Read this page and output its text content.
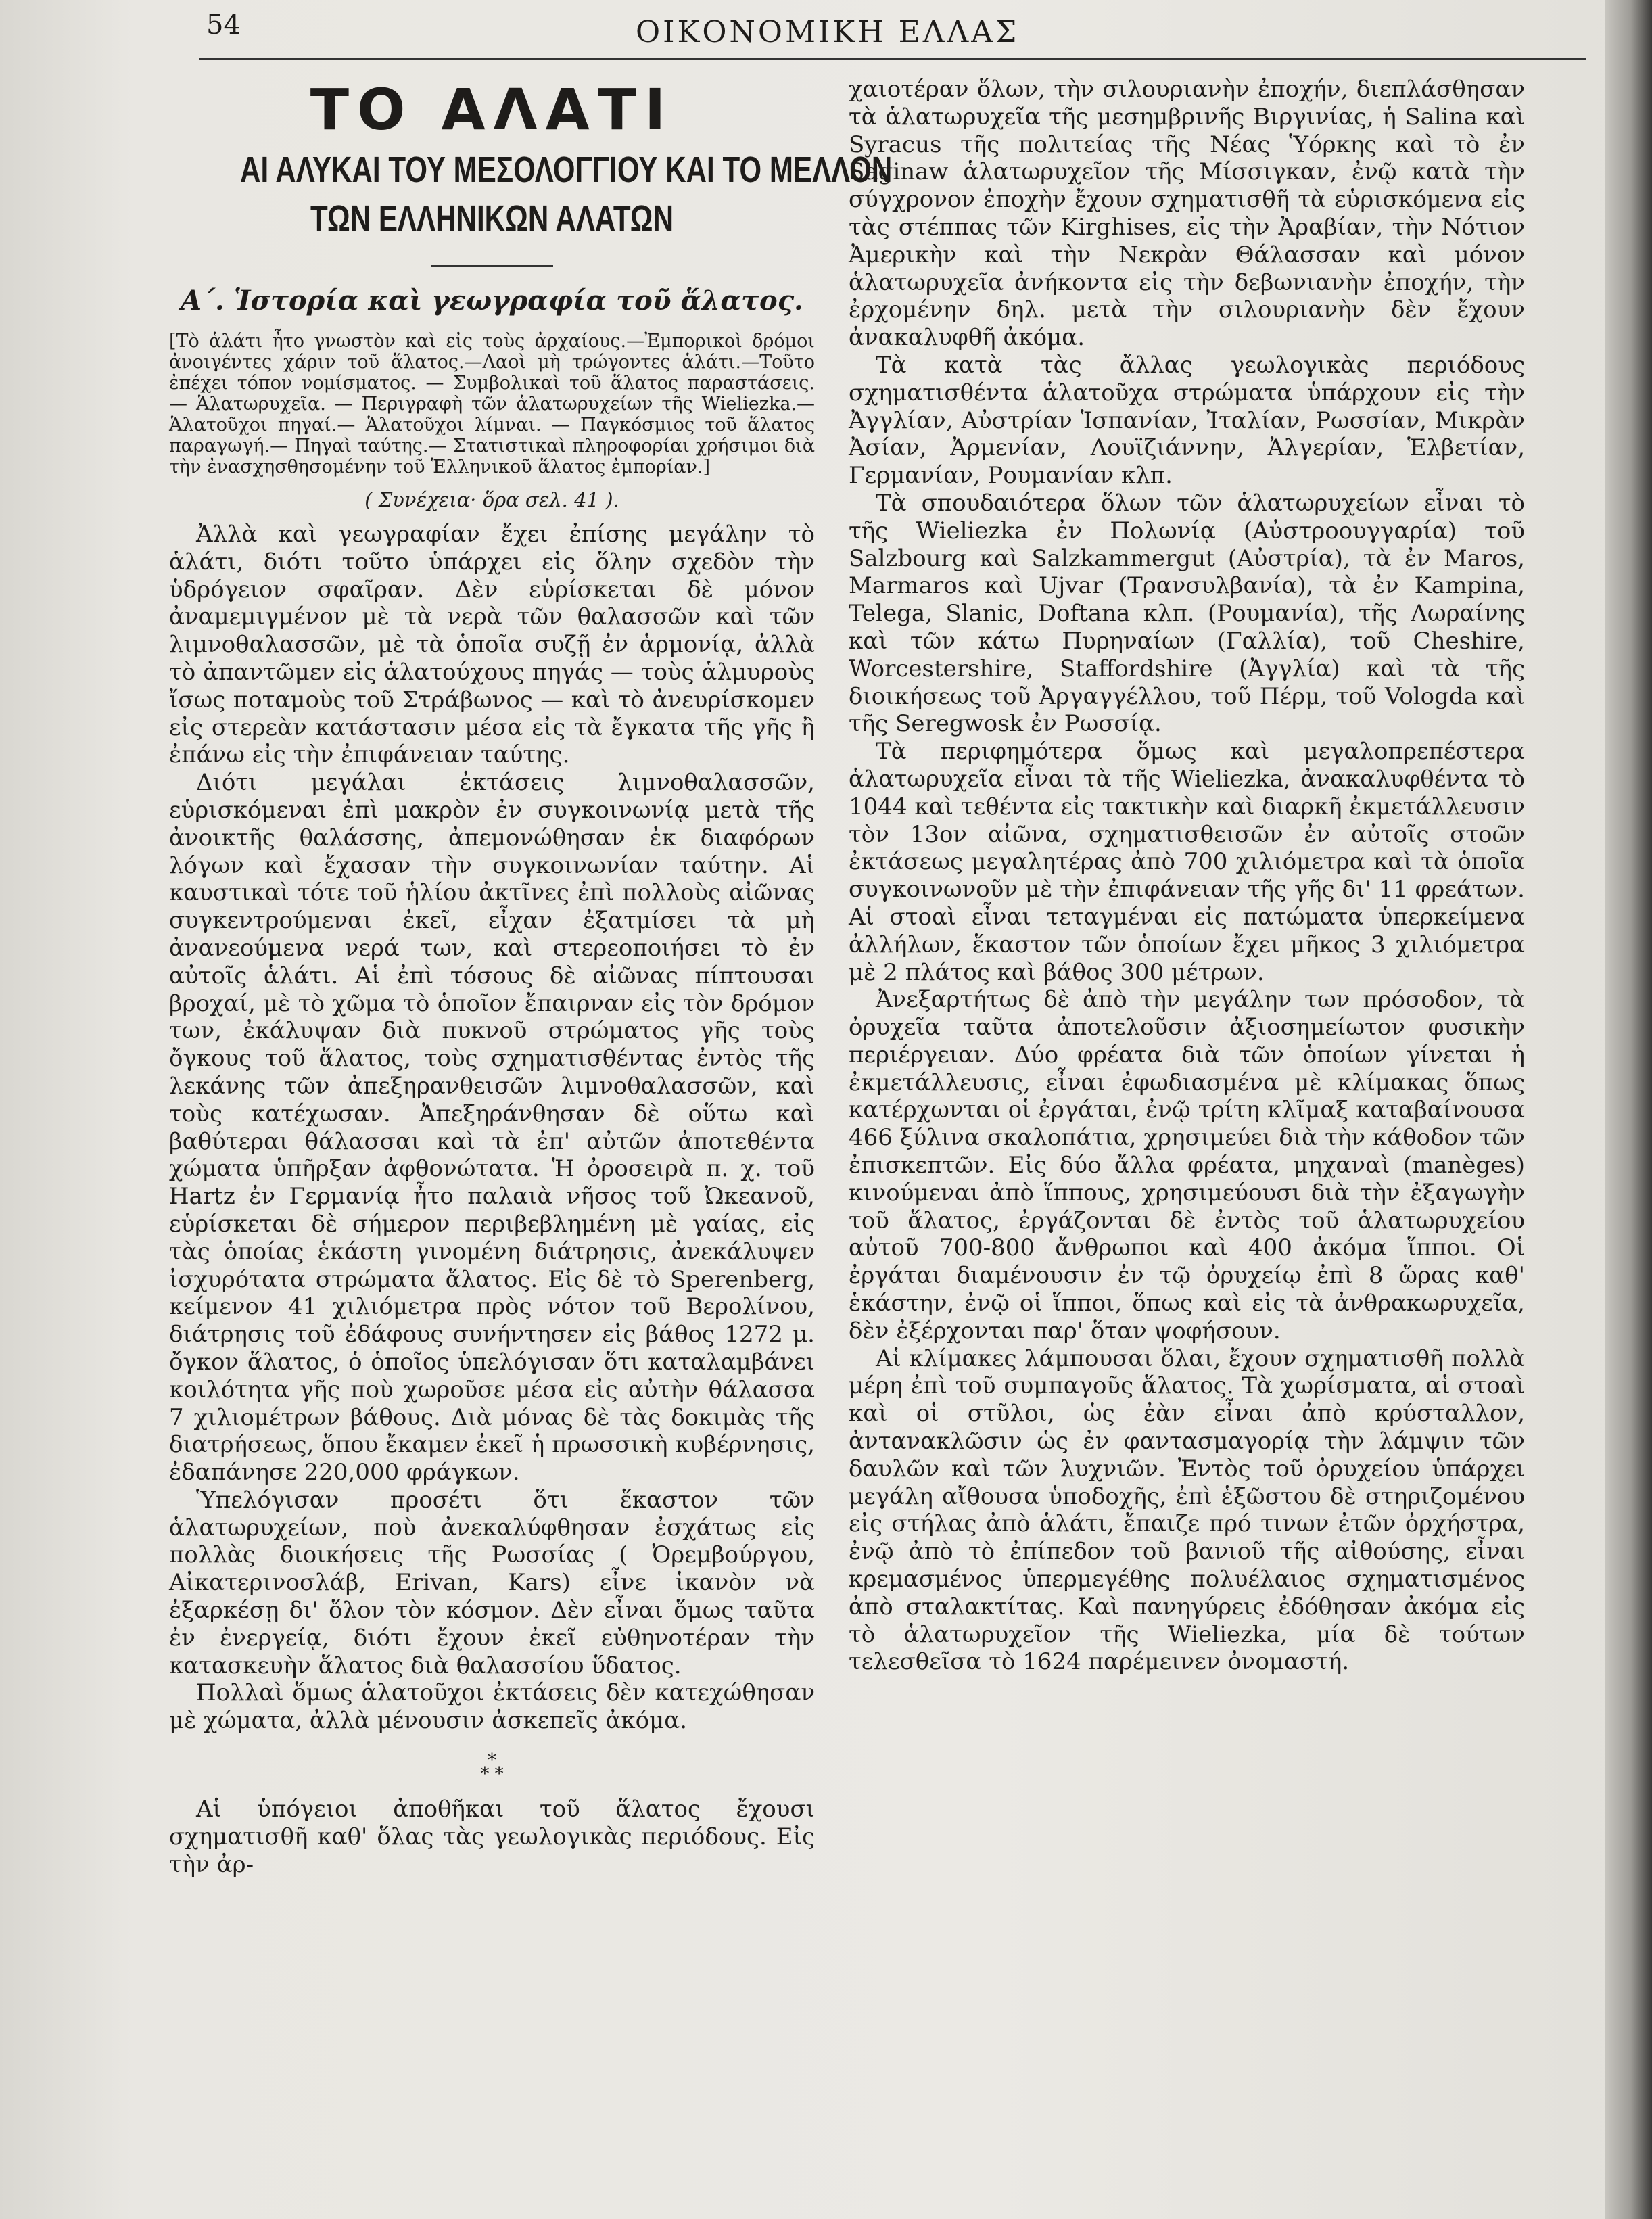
54	ΟΙΚΟΝΟΜΙΚΗ ΕΛΛΑΣ
ΤΟ ΑΛΑΤΙ
ΑΙ ΑΛΥΚΑΙ ΤΟΥ ΜΕΣΟΛΟΓΓΙΟΥ ΚΑΙ ΤΟ ΜΕΛΛΟΝ
ΤΩΝ ΕΛΛΗΝΙΚΩΝ ΑΛΑΤΩΝ
Α΄. Ἱστορία καὶ γεωγραφία τοῦ ἅλατος.

[Τὸ ἁλάτι ἦτο γνωστὸν καὶ εἰς τοὺς ἀρχαίους.—Ἐμπορικοὶ δρόμοι ἀνοιγέντες χάριν τοῦ ἅλατος.—Λαοὶ μὴ τρώγοντες ἁλάτι.—Τοῦτο ἐπέχει τόπον νομίσματος. — Συμβολικαὶ τοῦ ἅλατος παραστάσεις. — Ἁλατωρυχεῖα. — Περιγραφὴ τῶν ἁλατωρυχείων τῆς Wieliezka.— Ἁλατοῦχοι πηγαί.— Ἁλατοῦχοι λίμναι. — Παγκόσμιος τοῦ ἅλατος παραγωγή.— Πηγαὶ ταύτης.— Στατιστικαὶ πληροφορίαι χρήσιμοι διὰ τὴν ἐνασχησθησομένην τοῦ Ἑλληνικοῦ ἅλατος ἐμπορίαν.]

( Συνέχεια· ὅρα σελ. 41 ).

Ἀλλὰ καὶ γεωγραφίαν ἔχει ἐπίσης μεγάλην τὸ ἁλάτι, διότι τοῦτο ὑπάρχει εἰς ὅλην σχεδὸν τὴν ὑδρόγειον σφαῖραν. Δὲν εὑρίσκεται δὲ μόνον ἀναμεμιγμένον μὲ τὰ νερὰ τῶν θαλασσῶν καὶ τῶν λιμνοθαλασσῶν, μὲ τὰ ὁποῖα συζῇ ἐν ἁρμονίᾳ, ἀλλὰ τὸ ἀπαντῶμεν εἰς ἁλατούχους πηγάς — τοὺς ἁλμυροὺς ἴσως ποταμοὺς τοῦ Στράβωνος — καὶ τὸ ἀνευρίσκομεν εἰς στερεὰν κατάστασιν μέσα εἰς τὰ ἔγκατα τῆς γῆς ἢ ἐπάνω εἰς τὴν ἐπιφάνειαν ταύτης.

Διότι μεγάλαι ἐκτάσεις λιμνοθαλασσῶν, εὑρισκόμεναι ἐπὶ μακρὸν ἐν συγκοινωνίᾳ μετὰ τῆς ἀνοικτῆς θαλάσσης, ἀπεμονώθησαν ἐκ διαφόρων λόγων καὶ ἔχασαν τὴν συγκοινωνίαν ταύτην. Αἱ καυστικαὶ τότε τοῦ ἡλίου ἀκτῖνες ἐπὶ πολλοὺς αἰῶνας συγκεντρούμεναι ἐκεῖ, εἶχαν ἐξατμίσει τὰ μὴ ἀνανεούμενα νερά των, καὶ στερεοποιήσει τὸ ἐν αὐτοῖς ἁλάτι. Αἱ ἐπὶ τόσους δὲ αἰῶνας πίπτουσαι βροχαί, μὲ τὸ χῶμα τὸ ὁποῖον ἔπαιρναν εἰς τὸν δρόμον των, ἐκάλυψαν διὰ πυκνοῦ στρώματος γῆς τοὺς ὄγκους τοῦ ἅλατος, τοὺς σχηματισθέντας ἐντὸς τῆς λεκάνης τῶν ἀπεξηρανθεισῶν λιμνοθαλασσῶν, καὶ τοὺς κατέχωσαν. Ἀπεξηράνθησαν δὲ οὕτω καὶ βαθύτεραι θάλασσαι καὶ τὰ ἐπ' αὐτῶν ἀποτεθέντα χώματα ὑπῆρξαν ἀφθονώτατα. Ἡ ὀροσειρὰ π. χ. τοῦ Hartz ἐν Γερμανίᾳ ἦτο παλαιὰ νῆσος τοῦ Ὠκεανοῦ, εὑρίσκεται δὲ σήμερον περιβεβλημένη μὲ γαίας, εἰς τὰς ὁποίας ἑκάστη γινομένη διάτρησις, ἀνεκάλυψεν ἰσχυρότατα στρώματα ἅλατος. Εἰς δὲ τὸ Sperenberg, κείμενον 41 χιλιόμετρα πρὸς νότον τοῦ Βερολίνου, διάτρησις τοῦ ἐδάφους συνήντησεν εἰς βάθος 1272 μ. ὄγκον ἅλατος, ὁ ὁποῖος ὑπελόγισαν ὅτι καταλαμβάνει κοιλότητα γῆς ποὺ χωροῦσε μέσα εἰς αὐτὴν θάλασσα 7 χιλιομέτρων βάθους. Διὰ μόνας δὲ τὰς δοκιμὰς τῆς διατρήσεως, ὅπου ἔκαμεν ἐκεῖ ἡ πρωσσικὴ κυβέρνησις, ἐδαπάνησε 220,000 φράγκων.

Ὑπελόγισαν προσέτι ὅτι ἕκαστον τῶν ἁλατωρυχείων, ποὺ ἀνεκαλύφθησαν ἐσχάτως εἰς πολλὰς διοικήσεις τῆς Ρωσσίας ( Ὀρεμβούργου, Αἰκατερινοσλάβ, Erivan, Kars) εἶνε ἱκανὸν νὰ ἐξαρκέσῃ δι' ὅλον τὸν κόσμον. Δὲν εἶναι ὅμως ταῦτα ἐν ἐνεργείᾳ, διότι ἔχουν ἐκεῖ εὐθηνοτέραν τὴν κατασκευὴν ἅλατος διὰ θαλασσίου ὕδατος.

Πολλαὶ ὅμως ἁλατοῦχοι ἐκτάσεις δὲν κατεχώθησαν μὲ χώματα, ἀλλὰ μένουσιν ἀσκεπεῖς ἀκόμα.

*
* *

Αἱ ὑπόγειοι ἀποθῆκαι τοῦ ἅλατος ἔχουσι σχηματισθῆ καθ' ὅλας τὰς γεωλογικὰς περιόδους. Εἰς τὴν ἀρ-

χαιοτέραν ὅλων, τὴν σιλουριανὴν ἐποχήν, διεπλάσθησαν τὰ ἁλατωρυχεῖα τῆς μεσημβρινῆς Βιργινίας, ἡ Salina καὶ Syracus τῆς πολιτείας τῆς Νέας Ὑόρκης καὶ τὸ ἐν Saginaw ἁλατωρυχεῖον τῆς Μίσσιγκαν, ἐνῷ κατὰ τὴν σύγχρονον ἐποχὴν ἔχουν σχηματισθῆ τὰ εὑρισκόμενα εἰς τὰς στέππας τῶν Kirghises, εἰς τὴν Ἀραβίαν, τὴν Νότιον Ἀμερικὴν καὶ τὴν Νεκρὰν Θάλασσαν καὶ μόνον ἁλατωρυχεῖα ἀνήκοντα εἰς τὴν δεβωνιανὴν ἐποχήν, τὴν ἐρχομένην δηλ. μετὰ τὴν σιλουριανὴν δὲν ἔχουν ἀνακαλυφθῆ ἀκόμα.

Τὰ κατὰ τὰς ἄλλας γεωλογικὰς περιόδους σχηματισθέντα ἁλατοῦχα στρώματα ὑπάρχουν εἰς τὴν Ἀγγλίαν, Αὐστρίαν Ἱσπανίαν, Ἰταλίαν, Ρωσσίαν, Μικρὰν Ἀσίαν, Ἀρμενίαν, Λουϊζιάννην, Ἀλγερίαν, Ἑλβετίαν, Γερμανίαν, Ρουμανίαν κλπ.

Τὰ σπουδαιότερα ὅλων τῶν ἁλατωρυχείων εἶναι τὸ τῆς Wieliezka ἐν Πολωνίᾳ (Αὐστροουγγαρία) τοῦ Salzbourg καὶ Salzkammergut (Αὐστρία), τὰ ἐν Maros, Marmaros καὶ Ujvar (Τρανσυλβανία), τὰ ἐν Kampina, Telega, Slanic, Doftana κλπ. (Ρουμανία), τῆς Λωραίνης καὶ τῶν κάτω Πυρηναίων (Γαλλία), τοῦ Cheshire, Worcestershire, Staffordshire (Ἀγγλία) καὶ τὰ τῆς διοικήσεως τοῦ Ἀργαγγέλλου, τοῦ Πέρμ, τοῦ Vologda καὶ τῆς Seregwosk ἐν Ρωσσίᾳ.

Τὰ περιφημότερα ὅμως καὶ μεγαλοπρεπέστερα ἁλατωρυχεῖα εἶναι τὰ τῆς Wieliezka, ἀνακαλυφθέντα τὸ 1044 καὶ τεθέντα εἰς τακτικὴν καὶ διαρκῆ ἐκμετάλλευσιν τὸν 13ον αἰῶνα, σχηματισθεισῶν ἐν αὐτοῖς στοῶν ἐκτάσεως μεγαλητέρας ἀπὸ 700 χιλιόμετρα καὶ τὰ ὁποῖα συγκοινωνοῦν μὲ τὴν ἐπιφάνειαν τῆς γῆς δι' 11 φρεάτων. Αἱ στοαὶ εἶναι τεταγμέναι εἰς πατώματα ὑπερκείμενα ἀλλήλων, ἕκαστον τῶν ὁποίων ἔχει μῆκος 3 χιλιόμετρα μὲ 2 πλάτος καὶ βάθος 300 μέτρων.

Ἀνεξαρτήτως δὲ ἀπὸ τὴν μεγάλην των πρόσοδον, τὰ ὀρυχεῖα ταῦτα ἀποτελοῦσιν ἀξιοσημείωτον φυσικὴν περιέργειαν. Δύο φρέατα διὰ τῶν ὁποίων γίνεται ἡ ἐκμετάλλευσις, εἶναι ἐφωδιασμένα μὲ κλίμακας ὅπως κατέρχωνται οἱ ἐργάται, ἐνῷ τρίτη κλῖμαξ καταβαίνουσα 466 ξύλινα σκαλοπάτια, χρησιμεύει διὰ τὴν κάθοδον τῶν ἐπισκεπτῶν. Εἰς δύο ἄλλα φρέατα, μηχαναὶ (manèges) κινούμεναι ἀπὸ ἵππους, χρησιμεύουσι διὰ τὴν ἐξαγωγὴν τοῦ ἅλατος, ἐργάζονται δὲ ἐντὸς τοῦ ἁλατωρυχείου αὐτοῦ 700-800 ἄνθρωποι καὶ 400 ἀκόμα ἵπποι. Οἱ ἐργάται διαμένουσιν ἐν τῷ ὀρυχείῳ ἐπὶ 8 ὥρας καθ' ἑκάστην, ἐνῷ οἱ ἵπποι, ὅπως καὶ εἰς τὰ ἀνθρακωρυχεῖα, δὲν ἐξέρχονται παρ' ὅταν ψοφήσουν.

Αἱ κλίμακες λάμπουσαι ὅλαι, ἔχουν σχηματισθῆ πολλὰ μέρη ἐπὶ τοῦ συμπαγοῦς ἅλατος. Τὰ χωρίσματα, αἱ στοαὶ καὶ οἱ στῦλοι, ὡς ἐὰν εἶναι ἀπὸ κρύσταλλον, ἀντανακλῶσιν ὡς ἐν φαντασμαγορίᾳ τὴν λάμψιν τῶν δαυλῶν καὶ τῶν λυχνιῶν. Ἐντὸς τοῦ ὀρυχείου ὑπάρχει μεγάλη αἴθουσα ὑποδοχῆς, ἐπὶ ἑξῶστου δὲ στηριζομένου εἰς στήλας ἀπὸ ἁλάτι, ἔπαιζε πρό τινων ἐτῶν ὀρχήστρα, ἐνῷ ἀπὸ τὸ ἐπίπεδον τοῦ βανιοῦ τῆς αἰθούσης, εἶναι κρεμασμένος ὑπερμεγέθης πολυέλαιος σχηματισμένος ἀπὸ σταλακτίτας. Καὶ πανηγύρεις ἐδόθησαν ἀκόμα εἰς τὸ ἁλατωρυχεῖον τῆς Wieliezka, μία δὲ τούτων τελεσθεῖσα τὸ 1624 παρέμεινεν ὀνομαστή.
